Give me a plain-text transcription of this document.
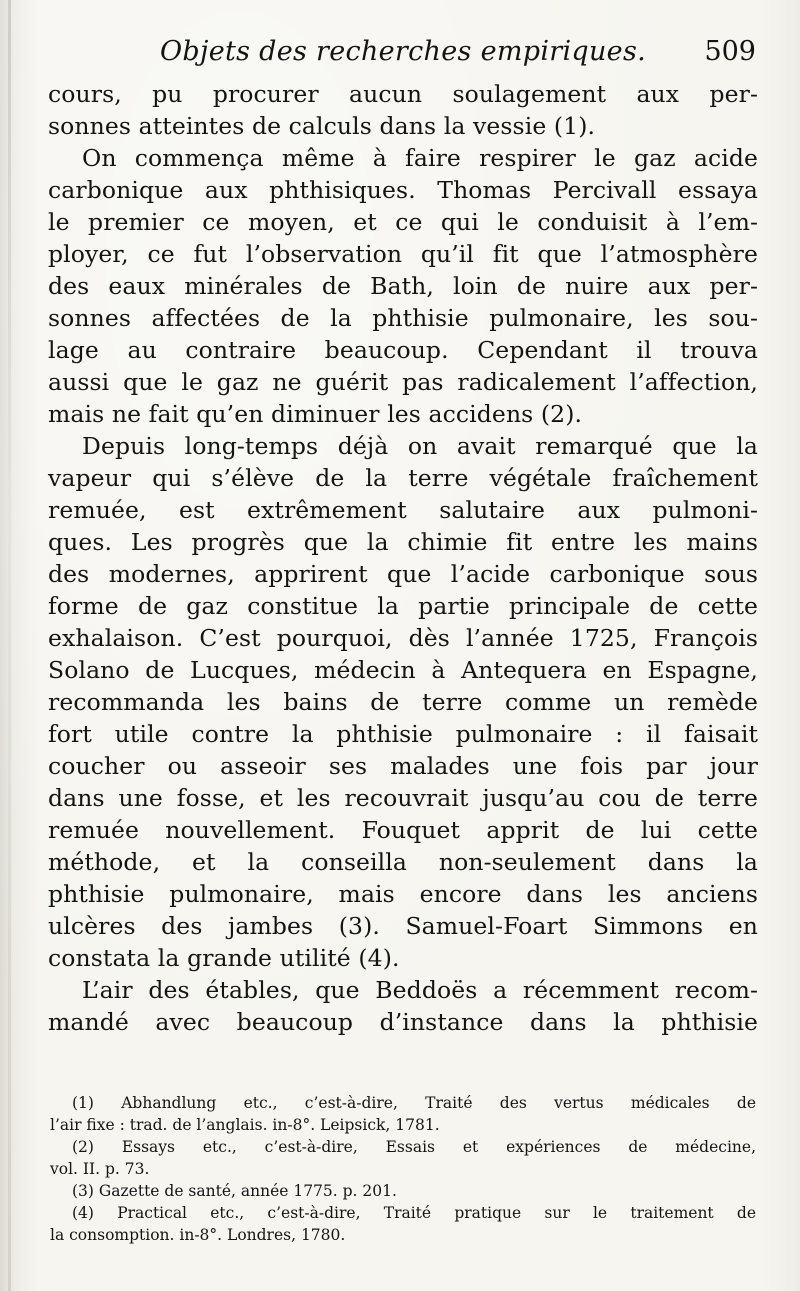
Objets des recherches empiriques. 509
cours, pu procurer aucun soulagement aux per-
sonnes atteintes de calculs dans la vessie (1).
On commença même à faire respirer le gaz acide
carbonique aux phthisiques. Thomas Percivall essaya
le premier ce moyen, et ce qui le conduisit à l’em-
ployer, ce fut l’observation qu’il fit que l’atmosphère
des eaux minérales de Bath, loin de nuire aux per-
sonnes affectées de la phthisie pulmonaire, les sou-
lage au contraire beaucoup. Cependant il trouva
aussi que le gaz ne guérit pas radicalement l’affection,
mais ne fait qu’en diminuer les accidens (2).
Depuis long-temps déjà on avait remarqué que la
vapeur qui s’élève de la terre végétale fraîchement
remuée, est extrêmement salutaire aux pulmoni-
ques. Les progrès que la chimie fit entre les mains
des modernes, apprirent que l’acide carbonique sous
forme de gaz constitue la partie principale de cette
exhalaison. C’est pourquoi, dès l’année 1725, François
Solano de Lucques, médecin à Antequera en Espagne,
recommanda les bains de terre comme un remède
fort utile contre la phthisie pulmonaire : il faisait
coucher ou asseoir ses malades une fois par jour
dans une fosse, et les recouvrait jusqu’au cou de terre
remuée nouvellement. Fouquet apprit de lui cette
méthode, et la conseilla non-seulement dans la
phthisie pulmonaire, mais encore dans les anciens
ulcères des jambes (3). Samuel-Foart Simmons en
constata la grande utilité (4).
L’air des étables, que Beddoës a récemment recom-
mandé avec beaucoup d’instance dans la phthisie
(1) Abhandlung etc., c’est-à-dire, Traité des vertus médicales de
l’air fixe : trad. de l’anglais. in-8°. Leipsick, 1781.
(2) Essays etc., c’est-à-dire, Essais et expériences de médecine,
vol. II. p. 73.
(3) Gazette de santé, année 1775. p. 201.
(4) Practical etc., c’est-à-dire, Traité pratique sur le traitement de
la consomption. in-8°. Londres, 1780.
